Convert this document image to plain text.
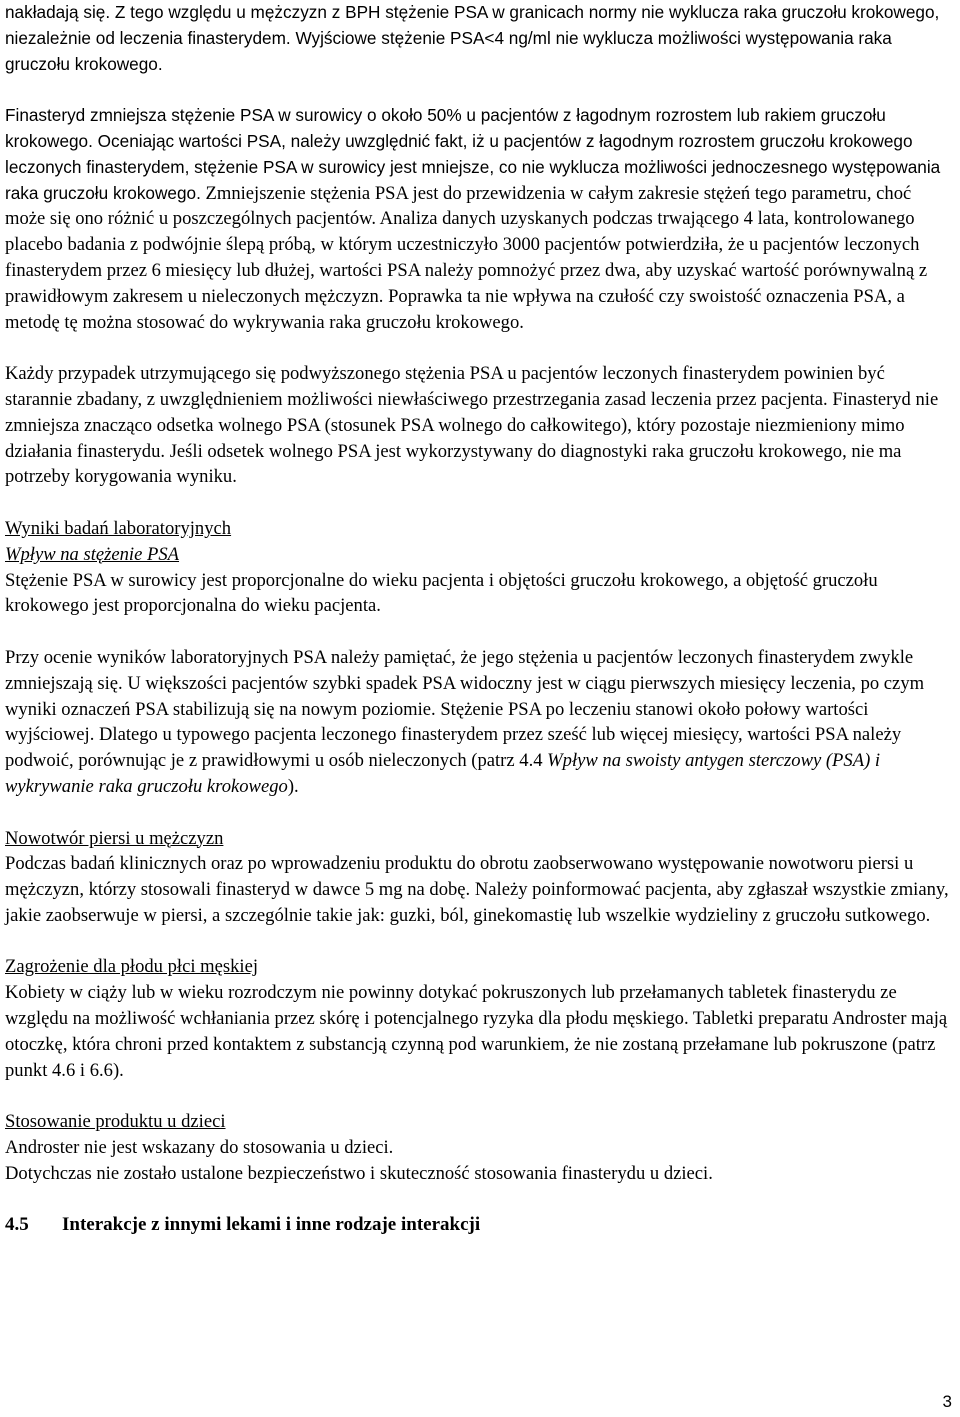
nakładają się. Z tego względu u mężczyzn z BPH stężenie PSA w granicach normy nie wyklucza raka gruczołu krokowego, niezależnie od leczenia finasterydem. Wyjściowe stężenie PSA<4 ng/ml nie wyklucza możliwości występowania raka gruczołu krokowego.

Finasteryd zmniejsza stężenie PSA w surowicy o około 50% u pacjentów z łagodnym rozrostem lub rakiem gruczołu krokowego. Oceniając wartości PSA, należy uwzględnić fakt, iż u pacjentów z łagodnym rozrostem gruczołu krokowego leczonych finasterydem, stężenie PSA w surowicy jest mniejsze, co nie wyklucza możliwości jednoczesnego występowania raka gruczołu krokowego. Zmniejszenie stężenia PSA jest do przewidzenia w całym zakresie stężeń tego parametru, choć może się ono różnić u poszczególnych pacjentów. Analiza danych uzyskanych podczas trwającego 4 lata, kontrolowanego placebo badania z podwójnie ślepą próbą, w którym uczestniczyło 3000 pacjentów potwierdziła, że u pacjentów leczonych finasterydem przez 6 miesięcy lub dłużej, wartości PSA należy pomnożyć przez dwa, aby uzyskać wartość porównywalną z prawidłowym zakresem u nieleczonych mężczyzn. Poprawka ta nie wpływa na czułość czy swoistość oznaczenia PSA, a metodę tę można stosować do wykrywania raka gruczołu krokowego.

Każdy przypadek utrzymującego się podwyższonego stężenia PSA u pacjentów leczonych finasterydem powinien być starannie zbadany, z uwzględnieniem możliwości niewłaściwego przestrzegania zasad leczenia przez pacjenta. Finasteryd nie zmniejsza znacząco odsetka wolnego PSA (stosunek PSA wolnego do całkowitego), który pozostaje niezmieniony mimo działania finasterydu. Jeśli odsetek wolnego PSA jest wykorzystywany do diagnostyki raka gruczołu krokowego, nie ma potrzeby korygowania wyniku.

Wyniki badań laboratoryjnych

Wpływ na stężenie PSA

Stężenie PSA w surowicy jest proporcjonalne do wieku pacjenta i objętości gruczołu krokowego, a objętość gruczołu krokowego jest proporcjonalna do wieku pacjenta.

Przy ocenie wyników laboratoryjnych PSA należy pamiętać, że jego stężenia u pacjentów leczonych finasterydem zwykle zmniejszają się. U większości pacjentów szybki spadek PSA widoczny jest w ciągu pierwszych miesięcy leczenia, po czym wyniki oznaczeń PSA stabilizują się na nowym poziomie. Stężenie PSA po leczeniu stanowi około połowy wartości wyjściowej. Dlatego u typowego pacjenta leczonego finasterydem przez sześć lub więcej miesięcy, wartości PSA należy podwoić, porównując je z prawidłowymi u osób nieleczonych (patrz 4.4 Wpływ na swoisty antygen sterczowy (PSA) i wykrywanie raka gruczołu krokowego).

Nowotwór piersi u mężczyzn

Podczas badań klinicznych oraz po wprowadzeniu produktu do obrotu zaobserwowano występowanie nowotworu piersi u mężczyzn, którzy stosowali finasteryd w dawce 5 mg na dobę. Należy poinformować pacjenta, aby zgłaszał wszystkie zmiany, jakie zaobserwuje w piersi, a szczególnie takie jak: guzki, ból, ginekomastię lub wszelkie wydzieliny z gruczołu sutkowego.

Zagrożenie dla płodu płci męskiej

Kobiety w ciąży lub w wieku rozrodczym nie powinny dotykać pokruszonych lub przełamanych tabletek finasterydu ze względu na możliwość wchłaniania przez skórę i potencjalnego ryzyka dla płodu męskiego. Tabletki preparatu Androster mają otoczkę, która chroni przed kontaktem z substancją czynną pod warunkiem, że nie zostaną przełamane lub pokruszone (patrz punkt 4.6 i 6.6).

Stosowanie produktu u dzieci

Androster nie jest wskazany do stosowania u dzieci.

Dotychczas nie zostało ustalone bezpieczeństwo i skuteczność stosowania finasterydu u dzieci.

4.5 Interakcje z innymi lekami i inne rodzaje interakcji

3
